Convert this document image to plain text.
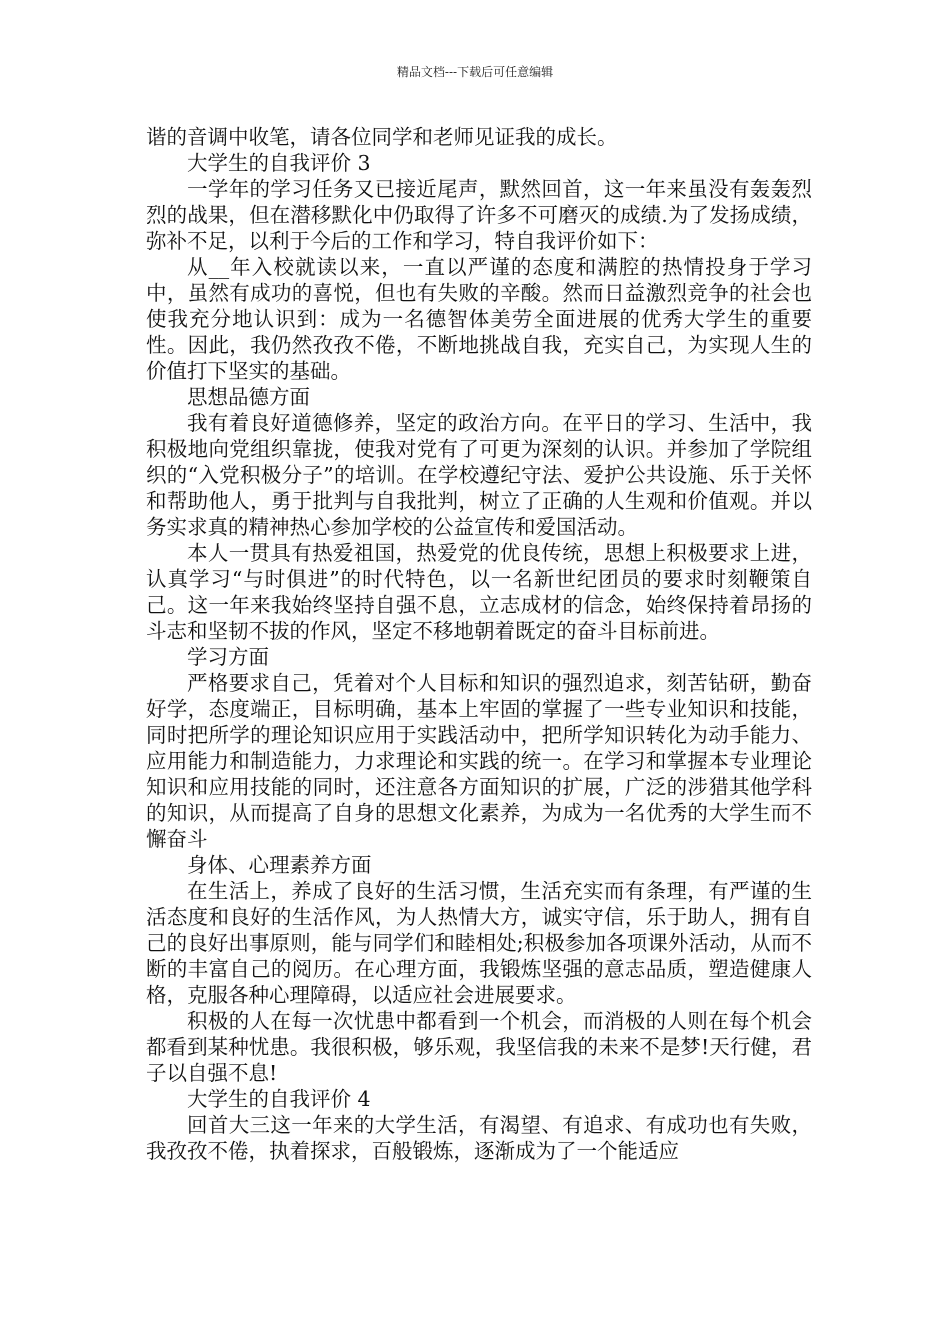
精品文档---下载后可任意编辑

谐的音调中收笔，请各位同学和老师见证我的成长。

大学生的自我评价 3

一学年的学习任务又已接近尾声，默然回首，这一年来虽没有轰轰烈烈的战果，但在潜移默化中仍取得了许多不可磨灭的成绩.为了发扬成绩，弥补不足，以利于今后的工作和学习，特自我评价如下：

从__年入校就读以来，一直以严谨的态度和满腔的热情投身于学习中，虽然有成功的喜悦，但也有失败的辛酸。然而日益激烈竞争的社会也使我充分地认识到：成为一名德智体美劳全面进展的优秀大学生的重要性。因此，我仍然孜孜不倦，不断地挑战自我，充实自己，为实现人生的价值打下坚实的基础。

思想品德方面

我有着良好道德修养，坚定的政治方向。在平日的学习、生活中，我积极地向党组织靠拢，使我对党有了可更为深刻的认识。并参加了学院组织的“入党积极分子”的培训。在学校遵纪守法、爱护公共设施、乐于关怀和帮助他人，勇于批判与自我批判，树立了正确的人生观和价值观。并以务实求真的精神热心参加学校的公益宣传和爱国活动。

本人一贯具有热爱祖国，热爱党的优良传统，思想上积极要求上进，认真学习“与时俱进”的时代特色，以一名新世纪团员的要求时刻鞭策自己。这一年来我始终坚持自强不息，立志成材的信念，始终保持着昂扬的斗志和坚韧不拔的作风，坚定不移地朝着既定的奋斗目标前进。

学习方面

严格要求自己，凭着对个人目标和知识的强烈追求，刻苦钻研，勤奋好学，态度端正，目标明确，基本上牢固的掌握了一些专业知识和技能，同时把所学的理论知识应用于实践活动中，把所学知识转化为动手能力、应用能力和制造能力，力求理论和实践的统一。在学习和掌握本专业理论知识和应用技能的同时，还注意各方面知识的扩展，广泛的涉猎其他学科的知识，从而提高了自身的思想文化素养，为成为一名优秀的大学生而不懈奋斗

身体、心理素养方面

在生活上，养成了良好的生活习惯，生活充实而有条理，有严谨的生活态度和良好的生活作风，为人热情大方，诚实守信，乐于助人，拥有自己的良好出事原则，能与同学们和睦相处;积极参加各项课外活动，从而不断的丰富自己的阅历。在心理方面，我锻炼坚强的意志品质，塑造健康人格，克服各种心理障碍，以适应社会进展要求。

积极的人在每一次忧患中都看到一个机会，而消极的人则在每个机会都看到某种忧患。我很积极，够乐观，我坚信我的未来不是梦!天行健，君子以自强不息!

大学生的自我评价 4

回首大三这一年来的大学生活，有渴望、有追求、有成功也有失败，我孜孜不倦，执着探求，百般锻炼，逐渐成为了一个能适应
